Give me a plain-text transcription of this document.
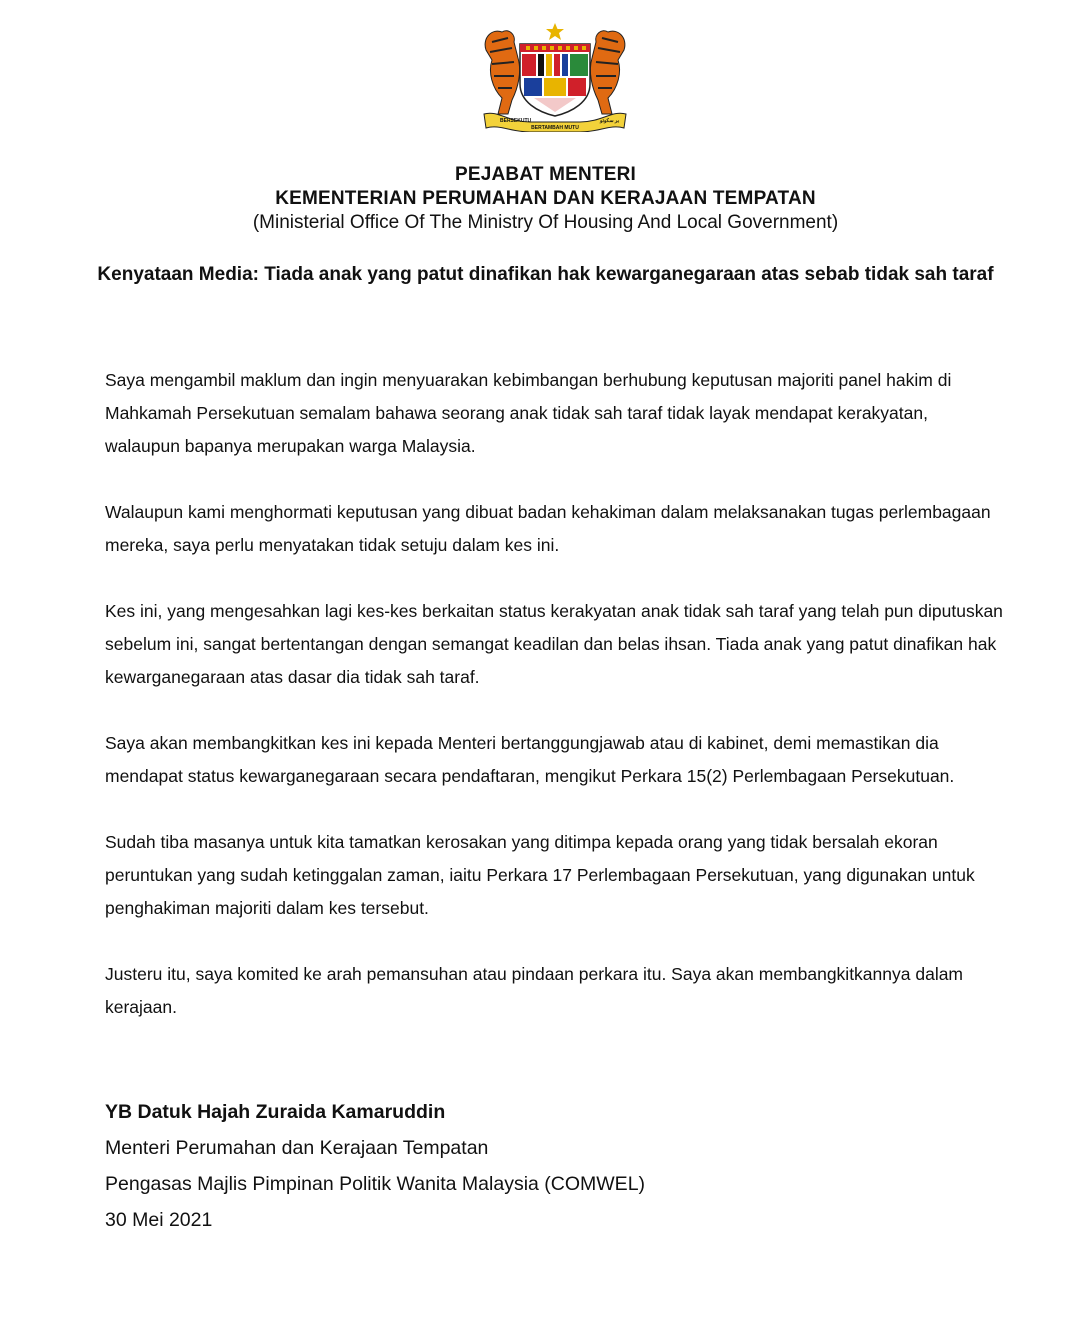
BERSEKUTU
BERTAMBAH MUTU
بر سکوتو
PEJABAT MENTERI
KEMENTERIAN PERUMAHAN DAN KERAJAAN TEMPATAN
(Ministerial Office Of The Ministry Of Housing And Local Government)
Kenyataan Media: Tiada anak yang patut dinafikan hak kewarganegaraan atas sebab tidak sah taraf

Saya mengambil maklum dan ingin menyuarakan kebimbangan berhubung keputusan majoriti panel hakim di Mahkamah Persekutuan semalam bahawa seorang anak tidak sah taraf tidak layak mendapat kerakyatan, walaupun bapanya merupakan warga Malaysia.

Walaupun kami menghormati keputusan yang dibuat badan kehakiman dalam melaksanakan tugas perlembagaan mereka, saya perlu menyatakan tidak setuju dalam kes ini.

Kes ini, yang mengesahkan lagi kes-kes berkaitan status kerakyatan anak tidak sah taraf yang telah pun diputuskan sebelum ini, sangat bertentangan dengan semangat keadilan dan belas ihsan. Tiada anak yang patut dinafikan hak kewarganegaraan atas dasar dia tidak sah taraf.

Saya akan membangkitkan kes ini kepada Menteri bertanggungjawab atau di kabinet, demi memastikan dia mendapat status kewarganegaraan secara pendaftaran, mengikut Perkara 15(2) Perlembagaan Persekutuan.

Sudah tiba masanya untuk kita tamatkan kerosakan yang ditimpa kepada orang yang tidak bersalah ekoran peruntukan yang sudah ketinggalan zaman, iaitu Perkara 17 Perlembagaan Persekutuan, yang digunakan untuk penghakiman majoriti dalam kes tersebut.

Justeru itu, saya komited ke arah pemansuhan atau pindaan perkara itu. Saya akan membangkitkannya dalam kerajaan.

YB Datuk Hajah Zuraida Kamaruddin
Menteri Perumahan dan Kerajaan Tempatan
Pengasas Majlis Pimpinan Politik Wanita Malaysia (COMWEL)
30 Mei 2021
